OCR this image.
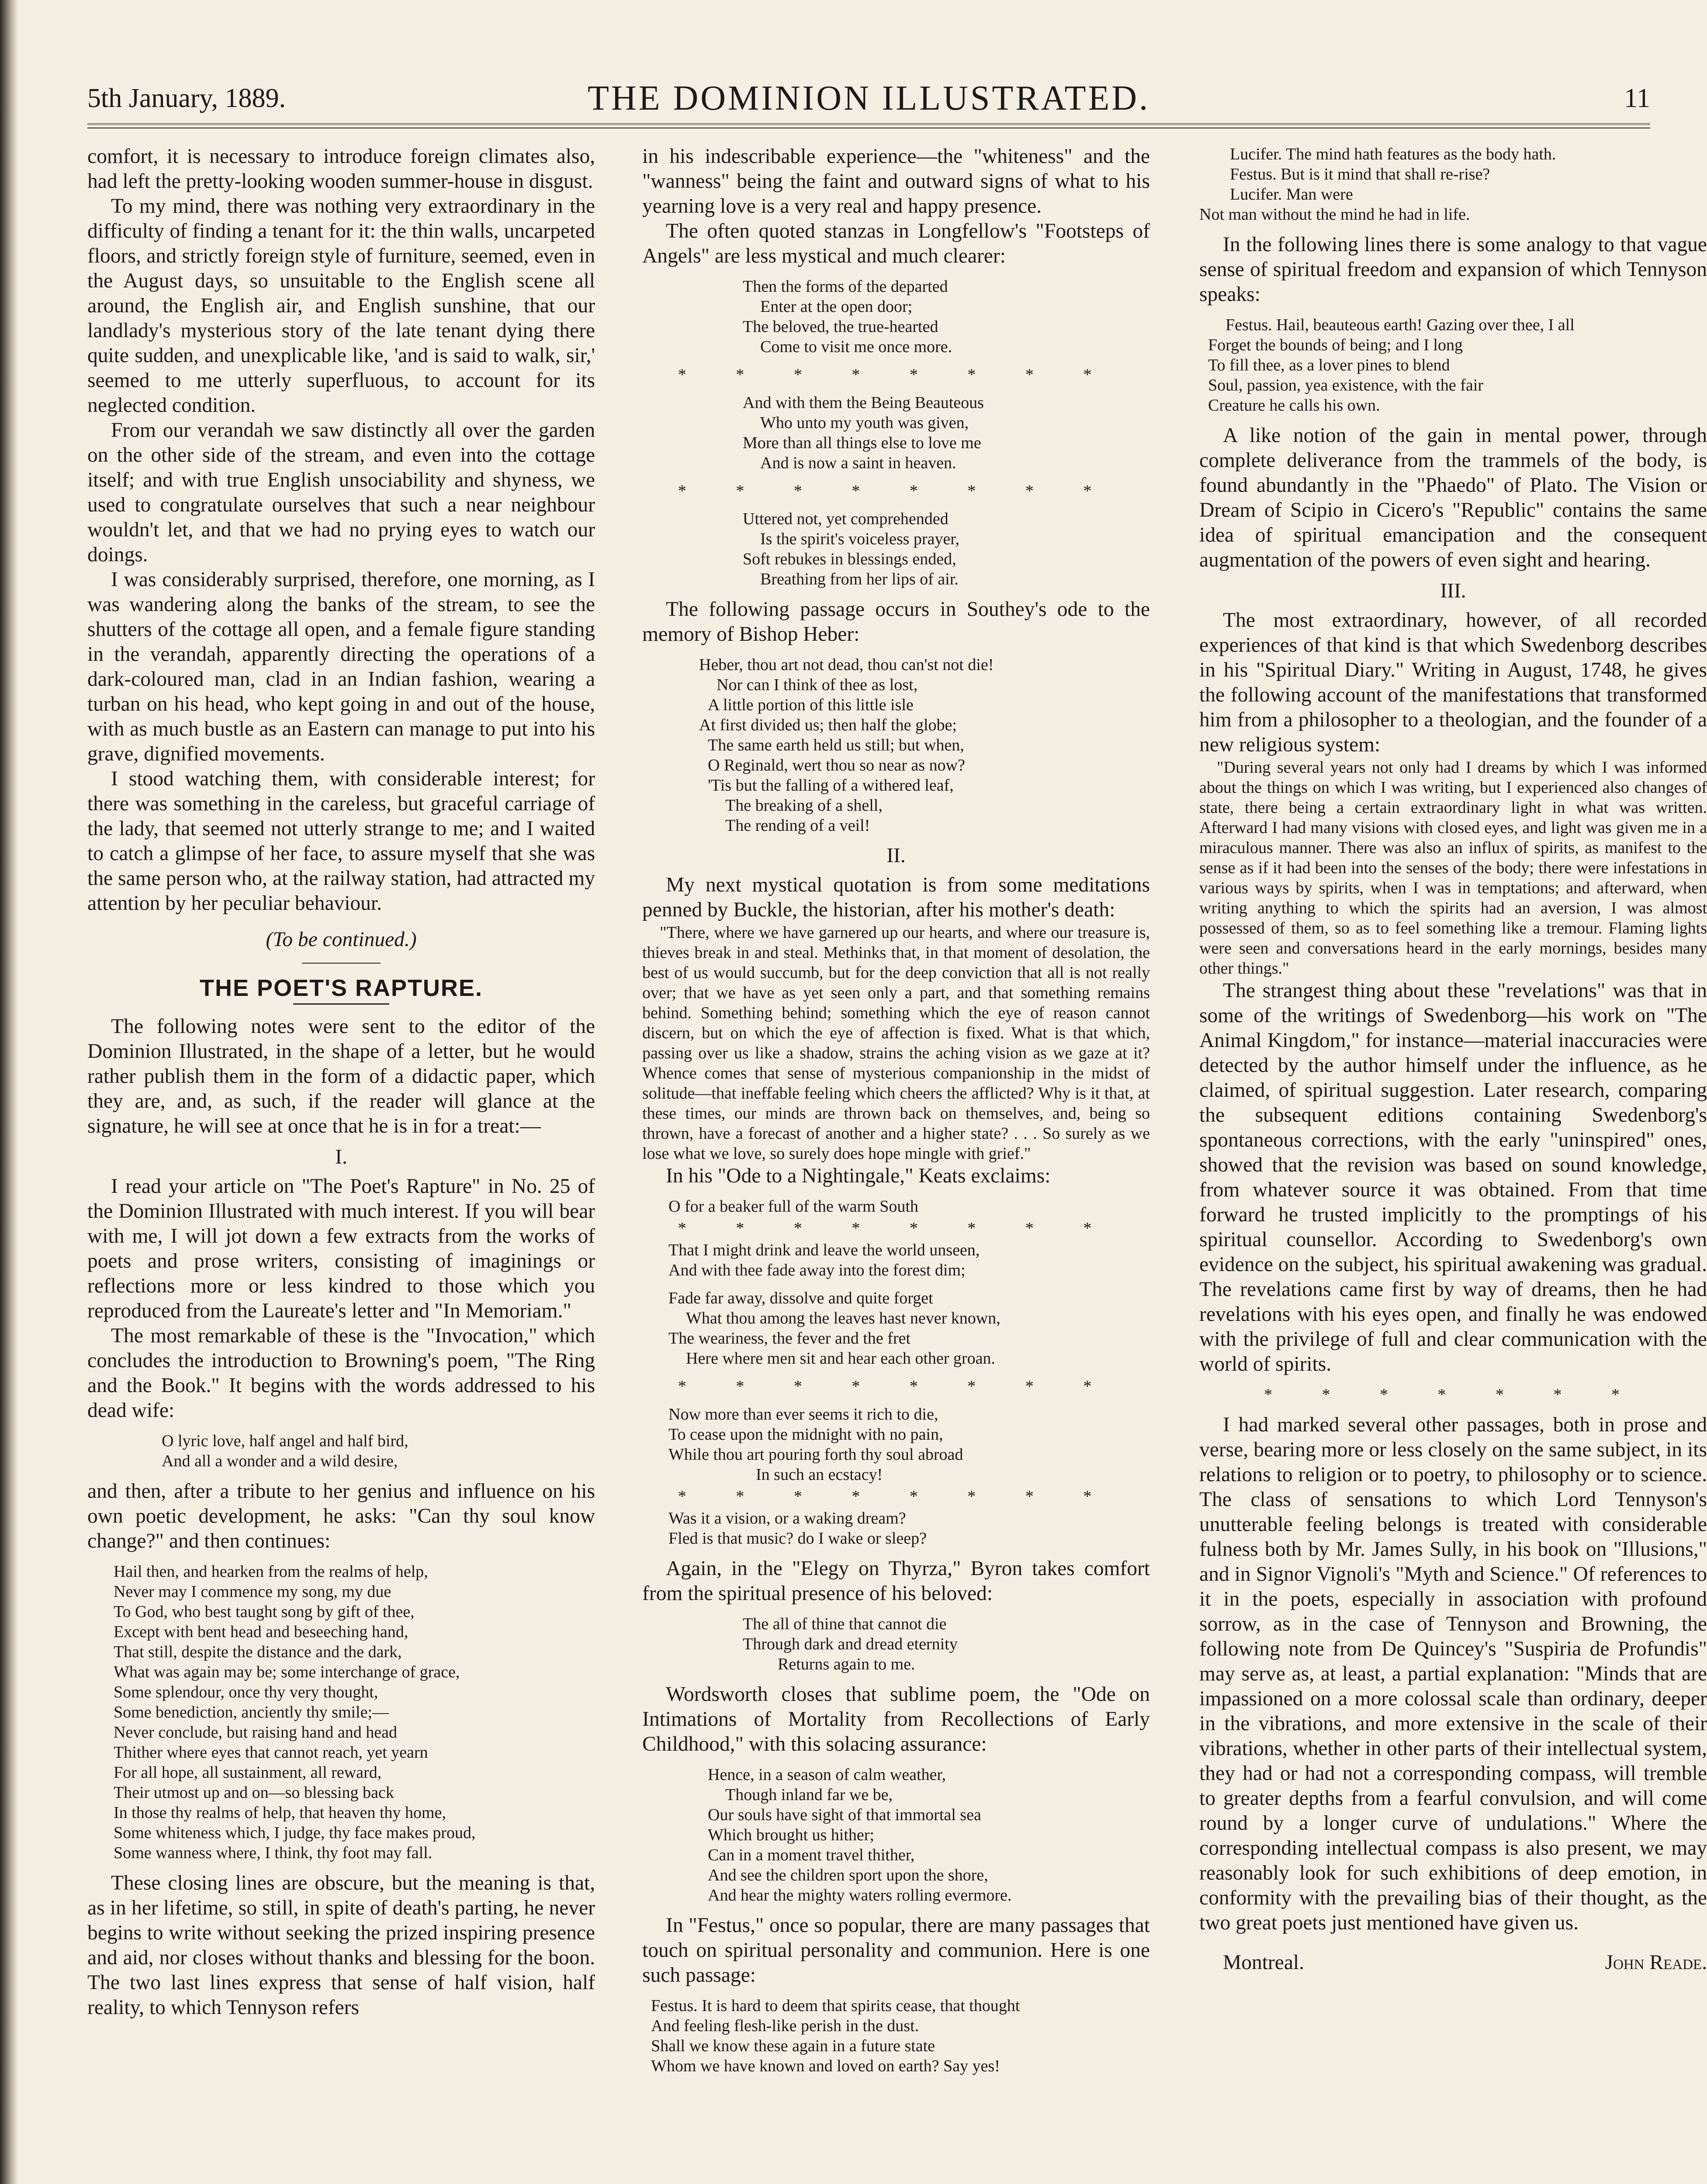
5th January, 1889.	THE DOMINION ILLUSTRATED.	11

comfort, it is necessary to introduce foreign climates also, had left the pretty-looking wooden summer-house in disgust.

To my mind, there was nothing very extraordinary in the difficulty of finding a tenant for it: the thin walls, uncarpeted floors, and strictly foreign style of furniture, seemed, even in the August days, so unsuitable to the English scene all around, the English air, and English sunshine, that our landlady's mysterious story of the late tenant dying there quite sudden, and unexplicable like, 'and is said to walk, sir,' seemed to me utterly superfluous, to account for its neglected condition.

From our verandah we saw distinctly all over the garden on the other side of the stream, and even into the cottage itself; and with true English unsociability and shyness, we used to congratulate ourselves that such a near neighbour wouldn't let, and that we had no prying eyes to watch our doings.

I was considerably surprised, therefore, one morning, as I was wandering along the banks of the stream, to see the shutters of the cottage all open, and a female figure standing in the verandah, apparently directing the operations of a dark-coloured man, clad in an Indian fashion, wearing a turban on his head, who kept going in and out of the house, with as much bustle as an Eastern can manage to put into his grave, dignified movements.

I stood watching them, with considerable interest; for there was something in the careless, but graceful carriage of the lady, that seemed not utterly strange to me; and I waited to catch a glimpse of her face, to assure myself that she was the same person who, at the railway station, had attracted my attention by her peculiar behaviour.

(To be continued.)

THE POET'S RAPTURE.

The following notes were sent to the editor of the Dominion Illustrated, in the shape of a letter, but he would rather publish them in the form of a didactic paper, which they are, and, as such, if the reader will glance at the signature, he will see at once that he is in for a treat:—

I.

I read your article on "The Poet's Rapture" in No. 25 of the Dominion Illustrated with much interest. If you will bear with me, I will jot down a few extracts from the works of poets and prose writers, consisting of imaginings or reflections more or less kindred to those which you reproduced from the Laureate's letter and "In Memoriam."

The most remarkable of these is the "Invocation," which concludes the introduction to Browning's poem, "The Ring and the Book." It begins with the words addressed to his dead wife:

O lyric love, half angel and half bird,
And all a wonder and a wild desire,

and then, after a tribute to her genius and influence on his own poetic development, he asks: "Can thy soul know change?" and then continues:

Hail then, and hearken from the realms of help,
Never may I commence my song, my due
To God, who best taught song by gift of thee,
Except with bent head and beseeching hand,
That still, despite the distance and the dark,
What was again may be; some interchange of grace,
Some splendour, once thy very thought,
Some benediction, anciently thy smile;—
Never conclude, but raising hand and head
Thither where eyes that cannot reach, yet yearn
For all hope, all sustainment, all reward,
Their utmost up and on—so blessing back
In those thy realms of help, that heaven thy home,
Some whiteness which, I judge, thy face makes proud,
Some wanness where, I think, thy foot may fall.

These closing lines are obscure, but the meaning is that, as in her lifetime, so still, in spite of death's parting, he never begins to write without seeking the prized inspiring presence and aid, nor closes without thanks and blessing for the boon. The two last lines express that sense of half vision, half reality, to which Tennyson refers

in his indescribable experience—the "whiteness" and the "wanness" being the faint and outward signs of what to his yearning love is a very real and happy presence.

The often quoted stanzas in Longfellow's "Footsteps of Angels" are less mystical and much clearer:

Then the forms of the departed
Enter at the open door;
The beloved, the true-hearted
Come to visit me once more.
* * * * * * * *
And with them the Being Beauteous
Who unto my youth was given,
More than all things else to love me
And is now a saint in heaven.
* * * * * * * *
Uttered not, yet comprehended
Is the spirit's voiceless prayer,
Soft rebukes in blessings ended,
Breathing from her lips of air.

The following passage occurs in Southey's ode to the memory of Bishop Heber:

Heber, thou art not dead, thou can'st not die!
Nor can I think of thee as lost,
A little portion of this little isle
At first divided us; then half the globe;
The same earth held us still; but when,
O Reginald, wert thou so near as now?
'Tis but the falling of a withered leaf,
The breaking of a shell,
The rending of a veil!
II.

My next mystical quotation is from some meditations penned by Buckle, the historian, after his mother's death:

"There, where we have garnered up our hearts, and where our treasure is, thieves break in and steal. Methinks that, in that moment of desolation, the best of us would succumb, but for the deep conviction that all is not really over; that we have as yet seen only a part, and that something remains behind. Something behind; something which the eye of reason cannot discern, but on which the eye of affection is fixed. What is that which, passing over us like a shadow, strains the aching vision as we gaze at it? Whence comes that sense of mysterious companionship in the midst of solitude—that ineffable feeling which cheers the afflicted? Why is it that, at these times, our minds are thrown back on themselves, and, being so thrown, have a forecast of another and a higher state? . . . So surely as we lose what we love, so surely does hope mingle with grief."

In his "Ode to a Nightingale," Keats exclaims:

O for a beaker full of the warm South
* * * * * * * *
That I might drink and leave the world unseen,
And with thee fade away into the forest dim;
Fade far away, dissolve and quite forget
What thou among the leaves hast never known,
The weariness, the fever and the fret
Here where men sit and hear each other groan.
* * * * * * * *
Now more than ever seems it rich to die,
To cease upon the midnight with no pain,
While thou art pouring forth thy soul abroad
In such an ecstacy!
* * * * * * * *
Was it a vision, or a waking dream?
Fled is that music? do I wake or sleep?

Again, in the "Elegy on Thyrza," Byron takes comfort from the spiritual presence of his beloved:

The all of thine that cannot die
Through dark and dread eternity
Returns again to me.

Wordsworth closes that sublime poem, the "Ode on Intimations of Mortality from Recollections of Early Childhood," with this solacing assurance:

Hence, in a season of calm weather,
Though inland far we be,
Our souls have sight of that immortal sea
Which brought us hither;
Can in a moment travel thither,
And see the children sport upon the shore,
And hear the mighty waters rolling evermore.

In "Festus," once so popular, there are many passages that touch on spiritual personality and communion. Here is one such passage:

Festus. It is hard to deem that spirits cease, that thought
And feeling flesh-like perish in the dust.
Shall we know these again in a future state
Whom we have known and loved on earth? Say yes!
Lucifer. The mind hath features as the body hath.
Festus. But is it mind that shall re-rise?
Lucifer. Man were
Not man without the mind he had in life.

In the following lines there is some analogy to that vague sense of spiritual freedom and expansion of which Tennyson speaks:

Festus. Hail, beauteous earth! Gazing over thee, I all
Forget the bounds of being; and I long
To fill thee, as a lover pines to blend
Soul, passion, yea existence, with the fair
Creature he calls his own.

A like notion of the gain in mental power, through complete deliverance from the trammels of the body, is found abundantly in the "Phaedo" of Plato. The Vision or Dream of Scipio in Cicero's "Republic" contains the same idea of spiritual emancipation and the consequent augmentation of the powers of even sight and hearing.

III.

The most extraordinary, however, of all recorded experiences of that kind is that which Swedenborg describes in his "Spiritual Diary." Writing in August, 1748, he gives the following account of the manifestations that transformed him from a philosopher to a theologian, and the founder of a new religious system:

"During several years not only had I dreams by which I was informed about the things on which I was writing, but I experienced also changes of state, there being a certain extraordinary light in what was written. Afterward I had many visions with closed eyes, and light was given me in a miraculous manner. There was also an influx of spirits, as manifest to the sense as if it had been into the senses of the body; there were infestations in various ways by spirits, when I was in temptations; and afterward, when writing anything to which the spirits had an aversion, I was almost possessed of them, so as to feel something like a tremour. Flaming lights were seen and conversations heard in the early mornings, besides many other things."

The strangest thing about these "revelations" was that in some of the writings of Swedenborg—his work on "The Animal Kingdom," for instance—material inaccuracies were detected by the author himself under the influence, as he claimed, of spiritual suggestion. Later research, comparing the subsequent editions containing Swedenborg's spontaneous corrections, with the early "uninspired" ones, showed that the revision was based on sound knowledge, from whatever source it was obtained. From that time forward he trusted implicitly to the promptings of his spiritual counsellor. According to Swedenborg's own evidence on the subject, his spiritual awakening was gradual. The revelations came first by way of dreams, then he had revelations with his eyes open, and finally he was endowed with the privilege of full and clear communication with the world of spirits.

* * * * * * *

I had marked several other passages, both in prose and verse, bearing more or less closely on the same subject, in its relations to religion or to poetry, to philosophy or to science. The class of sensations to which Lord Tennyson's unutterable feeling belongs is treated with considerable fulness both by Mr. James Sully, in his book on "Illusions," and in Signor Vignoli's "Myth and Science." Of references to it in the poets, especially in association with profound sorrow, as in the case of Tennyson and Browning, the following note from De Quincey's "Suspiria de Profundis" may serve as, at least, a partial explanation: "Minds that are impassioned on a more colossal scale than ordinary, deeper in the vibrations, and more extensive in the scale of their vibrations, whether in other parts of their intellectual system, they had or had not a corresponding compass, will tremble to greater depths from a fearful convulsion, and will come round by a longer curve of undulations." Where the corresponding intellectual compass is also present, we may reasonably look for such exhibitions of deep emotion, in conformity with the prevailing bias of their thought, as the two great poets just mentioned have given us.

Montreal.	John Reade.
